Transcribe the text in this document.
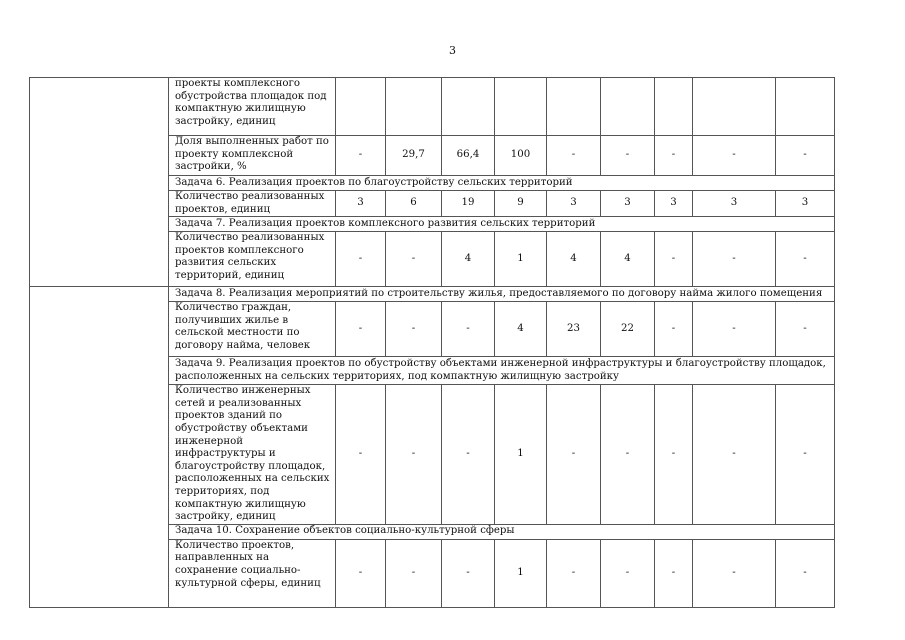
3
	проекты комплексного обустройства площадок под компактную жилищную застройку, единиц									
	Доля выполненных работ по проекту комплексной застройки, %	-	29,7	66,4	100	-	-	-	-	-
	Задача 6. Реализация проектов по благоустройству сельских территорий									
	Количество реализованных проектов, единиц	3	6	19	9	3	3	3	3	3
	Задача 7. Реализация проектов комплексного развития сельских территорий									
	Количество реализованных проектов комплексного развития сельских территорий, единиц	-	-	4	1	4	4	-	-	-
	Задача 8. Реализация мероприятий по строительству жилья, предоставляемого по договору найма жилого помещения									
	Количество граждан, получивших жилье в сельской местности по договору найма, человек	-	-	-	4	23	22	-	-	-
	Задача 9. Реализация проектов по обустройству объектами инженерной инфраструктуры и благоустройству площадок, расположенных на сельских территориях, под компактную жилищную застройку									
	Количество инженерных сетей и реализованных проектов зданий по обустройству объектами инженерной инфраструктуры и благоустройству площадок, расположенных на сельских территориях, под компактную жилищную застройку, единиц	-	-	-	1	-	-	-	-	-
	Задача 10. Сохранение объектов социально-культурной сферы									
	Количество проектов, направленных на сохранение социально-культурной сферы, единиц	-	-	-	1	-	-	-	-	-
